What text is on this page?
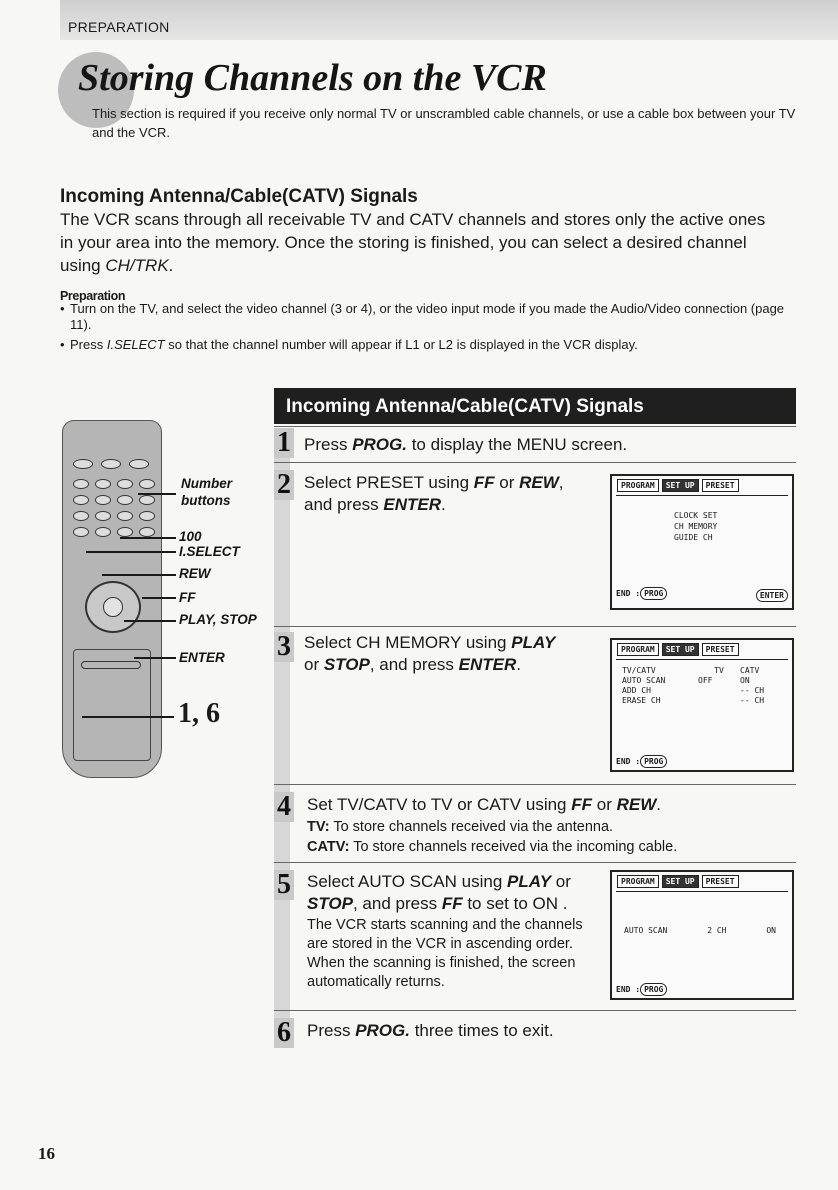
PREPARATION
Storing Channels on the VCR
This section is required if you receive only normal TV or unscrambled cable channels, or use a cable box between your TV and the VCR.
Incoming Antenna/Cable(CATV) Signals
The VCR scans through all receivable TV and CATV channels and stores only the active ones in your area into the memory. Once the storing is finished, you can select a desired channel using CH/TRK.
Preparation
• Turn on the TV, and select the video channel (3 or 4), or the video input mode if you made the Audio/Video connection (page 11).
• Press I.SELECT so that the channel number will appear if L1 or L2 is displayed in the VCR display.
Incoming Antenna/Cable(CATV) Signals
Number
buttons
100
I.SELECT
REW
FF
PLAY, STOP
ENTER
1, 6
1 Press PROG. to display the MENU screen.
2 Select PRESET using FF or REW,
and press ENTER.
PROGRAM	SET UP	PRESET
CLOCK SET
CH MEMORY
GUIDE CH
END : PROG	ENTER
3 Select CH MEMORY using PLAY
or STOP, and press ENTER.
PROGRAM	SET UP	PRESET
TV/CATV	TV	CATV
AUTO SCAN	OFF	ON
ADD CH		-- CH
ERASE CH		-- CH
END : PROG
4 Set TV/CATV to TV or CATV using FF or REW.
TV: To store channels received via the antenna.
CATV: To store channels received via the incoming cable.
5 Select AUTO SCAN using PLAY or
STOP, and press FF to set to ON .
The VCR starts scanning and the channels are stored in the VCR in ascending order. When the scanning is finished, the screen automatically returns.
PROGRAM	SET UP	PRESET
AUTO SCAN	2 CH	ON
END : PROG
6 Press PROG. three times to exit.
16
